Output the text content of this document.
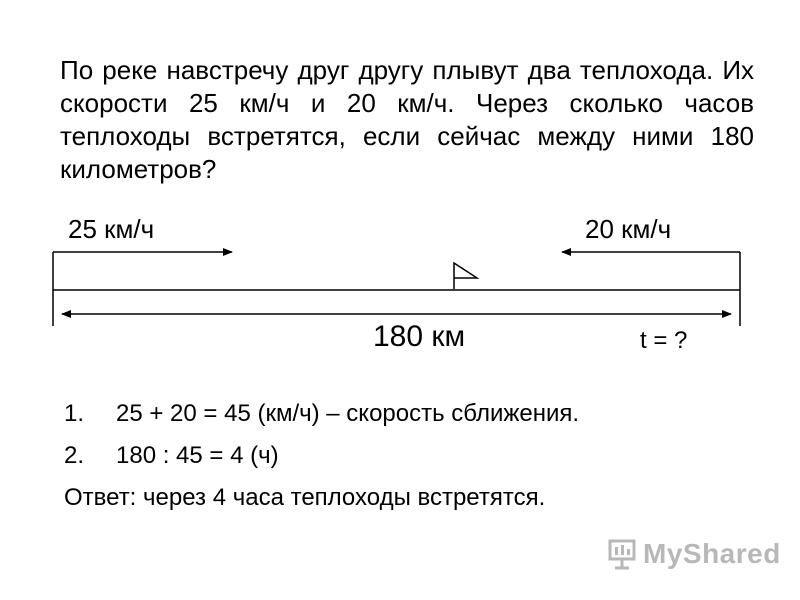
По реке навстречу друг другу плывут два теплохода. Их скорости 25 км/ч и 20 км/ч. Через сколько часов теплоходы встретятся, если сейчас между ними 180 километров?
25 км/ч	20 км/ч
180 км	t = ?
1. 25 + 20 = 45 (км/ч) – скорость сближения.
2. 180 : 45 = 4 (ч)
Ответ: через 4 часа теплоходы встретятся.
MyShared
